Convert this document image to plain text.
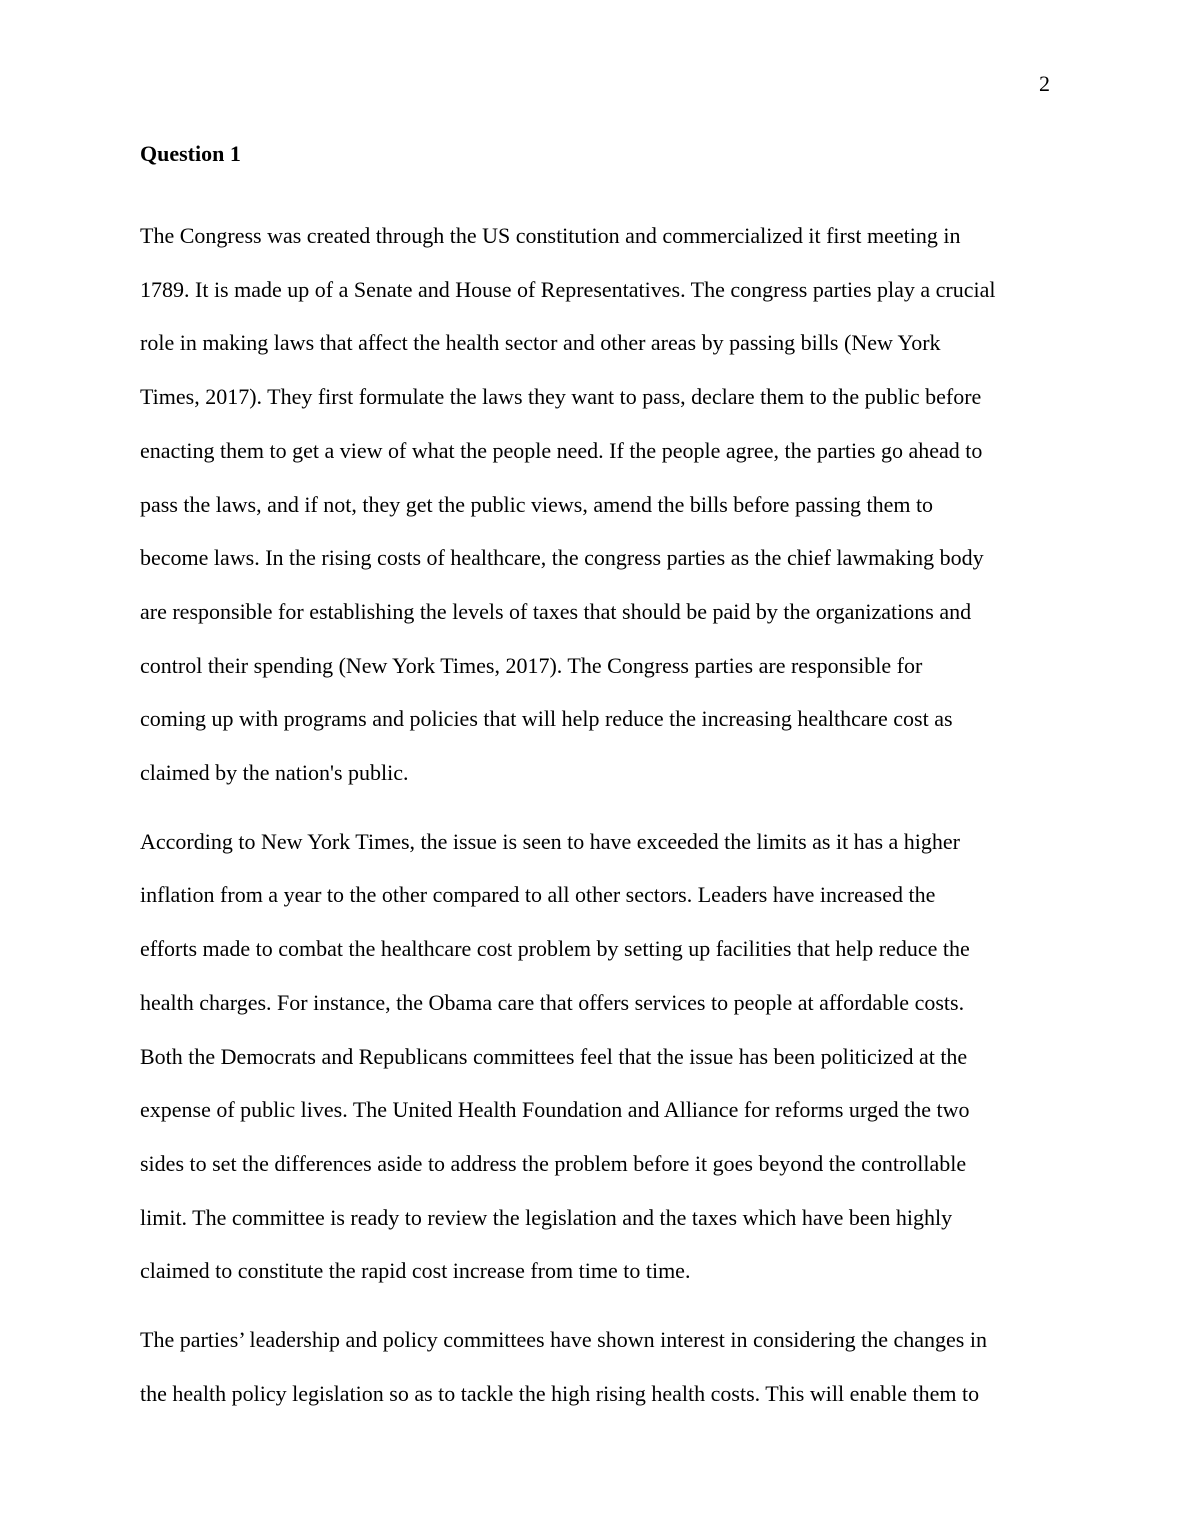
2
Question 1
The Congress was created through the US constitution and commercialized it first meeting in
1789. It is made up of a Senate and House of Representatives. The congress parties play a crucial
role in making laws that affect the health sector and other areas by passing bills (New York
Times, 2017). They first formulate the laws they want to pass, declare them to the public before
enacting them to get a view of what the people need. If the people agree, the parties go ahead to
pass the laws, and if not, they get the public views, amend the bills before passing them to
become laws. In the rising costs of healthcare, the congress parties as the chief lawmaking body
are responsible for establishing the levels of taxes that should be paid by the organizations and
control their spending (New York Times, 2017). The Congress parties are responsible for
coming up with programs and policies that will help reduce the increasing healthcare cost as
claimed by the nation's public.
According to New York Times, the issue is seen to have exceeded the limits as it has a higher
inflation from a year to the other compared to all other sectors. Leaders have increased the
efforts made to combat the healthcare cost problem by setting up facilities that help reduce the
health charges. For instance, the Obama care that offers services to people at affordable costs.
Both the Democrats and Republicans committees feel that the issue has been politicized at the
expense of public lives. The United Health Foundation and Alliance for reforms urged the two
sides to set the differences aside to address the problem before it goes beyond the controllable
limit. The committee is ready to review the legislation and the taxes which have been highly
claimed to constitute the rapid cost increase from time to time.
The parties’ leadership and policy committees have shown interest in considering the changes in
the health policy legislation so as to tackle the high rising health costs. This will enable them to
